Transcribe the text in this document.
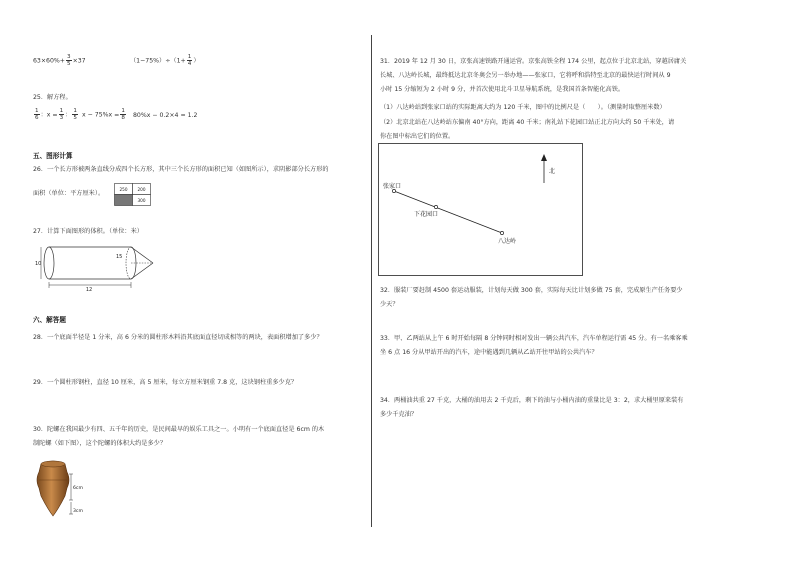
$63\times 60\%+ \frac{3}{5} \times 37$	$(1-75\%)\div(1+ \frac{1}{4}$ ）
25．解方程。
$\frac{1}{6}$ ：$x = \frac{1}{3}$ ： $\frac{1}{5}$ $x - 75\%x = \frac{1}{8} 80\%x - 0.2\times 4 = 1.2$
五、图形计算
26．一个长方形被两条直线分成四个长方形，其中三个长方形的面积已知（如图所示），求阴影部分长方形的
面积（单位：平方厘米）。
250 200
300
27．计算下面图形的体积。（单位：米）
10
15
12
六、解答题
28．一个底面半径是 1 分米，高 6 分米的圆柱形木料沿其底面直径切成相等的两块，表面积增加了多少？
29．一个圆柱形钢柱，直径 10 厘米，高 5 厘米，每立方厘米钢重 7.8 克，这块钢柱重多少克？
30．陀螺在我国最少有四、五千年的历史，是民间最早的娱乐工具之一。小明有一个底面直径是 6cm 的木
制陀螺（如下图），这个陀螺的体积大约是多少？
6cm
3cm
31．2019 年 12 月 30 日，京张高速铁路开通运营。京张高铁全程 174 公里，起点位于北京北站，穿越居庸关
长城、八达岭长城，最终抵达北京冬奥会另一举办地——张家口，它将呼和浩特至北京的最快运行时间从 9
小时 15 分缩短为 2 小时 9 分，并首次使用北斗卫星导航系统，是我国首条智能化高铁。
（1）八达岭站到张家口站的实际距离大约为 120 千米，图中的比例尺是（　　）。（测量时取整厘米数）
（2）北京北站在八达岭站东偏南 40°方向，距离 40 千米；南礼站下花园口站正北方向大约 50 千米处，请
你在图中标出它们的位置。
北
张家口
下花园口
八达岭
32．服装厂要赶制 4500 套运动服装，计划每天做 300 套，实际每天比计划多做 75 套，完成原生产任务要少
少天？
33．甲、乙两站从上午 6 时开始每隔 8 分钟同时相对发出一辆公共汽车，汽车单程运行需 45 分。有一名乘客乘
坐 6 点 16 分从甲站开出的汽车，途中能遇到几辆从乙站开往甲站的公共汽车？
34．两桶油共重 27 千克，大桶的油用去 2 千克后，剩下的油与小桶内油的重量比是 3：2，求大桶里原来装有
多少千克油？
